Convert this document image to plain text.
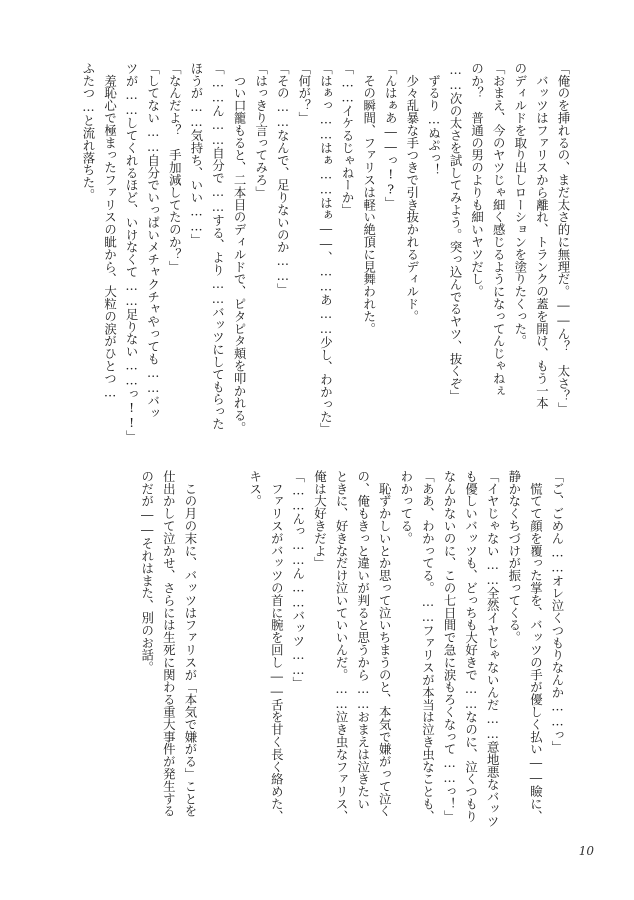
「俺のを挿れるの、まだ太さ的に無理だ。――ん？　太さ？」
　バッツはファリスから離れ、トランクの蓋を開け、もう一本
のディルドを取り出しローションを塗りたくった。
「おまえ、今のヤツじゃ細く感じるようになってんじゃねぇ
のか？　普通の男のよりも細いヤツだし。
……次の太さを試してみよう。突っ込んでるヤツ、抜くぞ」
　ずるり…ぬぷっ！
　少々乱暴な手つきで引き抜かれるディルド。
「んはぁあ――っ!?」
　その瞬間、ファリスは軽い絶頂に見舞われた。
「……イケるじゃねーか」
「はぁっ……はぁ……はぁ――、……あ……少し、わかった」
「何が？」
「その……なんで、足りないのか……」
「はっきり言ってみろ」
　つい口籠もると、二本目のディルドで、ピタピタ頬を叩かれる。
「……ん……自分で……する、より……バッツにしてもらった
ほうが……気持ち、いい……」
「なんだよ？　手加減してたのか？」
「してない……自分でいっぱいメチャクチャやっても……バッ
ツが……してくれるほど、いけなくて……足りない……っ!!」
　羞恥心で極まったファリスの眦から、大粒の涙がひとつ…
ふたつ…と流れ落ちた。
「ご、ごめん……オレ泣くつもりなんか……っ」
　慌てて顔を覆った掌を、バッツの手が優しく払い――瞼に、
静かなくちづけが振ってくる。
「イヤじゃない……全然イヤじゃないんだ……意地悪なバッツ
も優しいバッツも、どっちも大好きで……なのに、泣くつもり
なんかないのに、この七日間で急に涙もろくなって……っ！」
「ああ、わかってる。……ファリスが本当は泣き虫なことも、
わかってる。
　恥ずかしいとか思って泣いちまうのと、本気で嫌がって泣く
の、俺もきっと違いが判ると思うから……おまえは泣きたい
ときに、好きなだけ泣いていいんだ。……泣き虫なファリス、
俺は大好きだよ」
「……んっ……ん……バッツ……」
　ファリスがバッツの首に腕を回し――舌を甘く長く絡めた、
キス。
　この月の末に、バッツはファリスが「本気で嫌がる」ことを
仕出かして泣かせ、さらには生死に関わる重大事件が発生する
のだが――それはまた、別のお話。
10
